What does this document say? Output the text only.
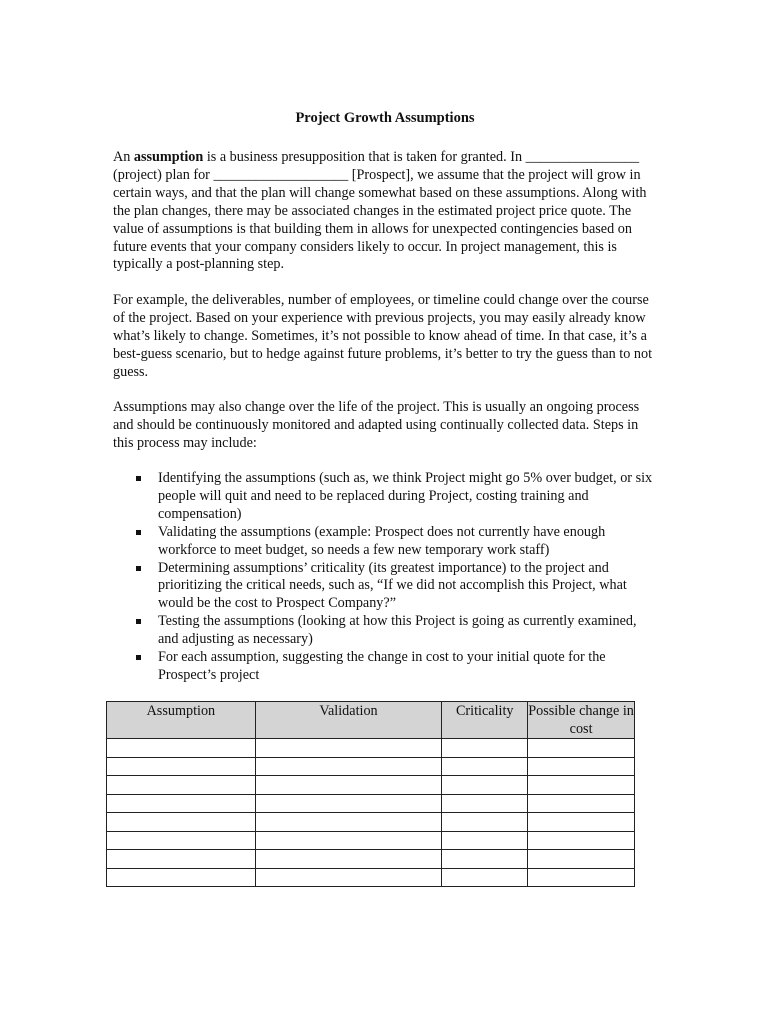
Project Growth Assumptions

An assumption is a business presupposition that is taken for granted. In ________________ (project) plan for ___________________ [Prospect], we assume that the project will grow in certain ways, and that the plan will change somewhat based on these assumptions. Along with the plan changes, there may be associated changes in the estimated project price quote. The value of assumptions is that building them in allows for unexpected contingencies based on future events that your company considers likely to occur. In project management, this is typically a post-planning step.

For example, the deliverables, number of employees, or timeline could change over the course of the project. Based on your experience with previous projects, you may easily already know what’s likely to change. Sometimes, it’s not possible to know ahead of time. In that case, it’s a best-guess scenario, but to hedge against future problems, it’s better to try the guess than to not guess.

Assumptions may also change over the life of the project. This is usually an ongoing process and should be continuously monitored and adapted using continually collected data. Steps in this process may include:

Identifying the assumptions (such as, we think Project might go 5% over budget, or six people will quit and need to be replaced during Project, costing training and compensation)
Validating the assumptions (example: Prospect does not currently have enough workforce to meet budget, so needs a few new temporary work staff)
Determining assumptions’ criticality (its greatest importance) to the project and prioritizing the critical needs, such as, “If we did not accomplish this Project, what would be the cost to Prospect Company?”
Testing the assumptions (looking at how this Project is going as currently examined, and adjusting as necessary)
For each assumption, suggesting the change in cost to your initial quote for the Prospect’s project
Assumption	Validation	Criticality	Possible change in cost
